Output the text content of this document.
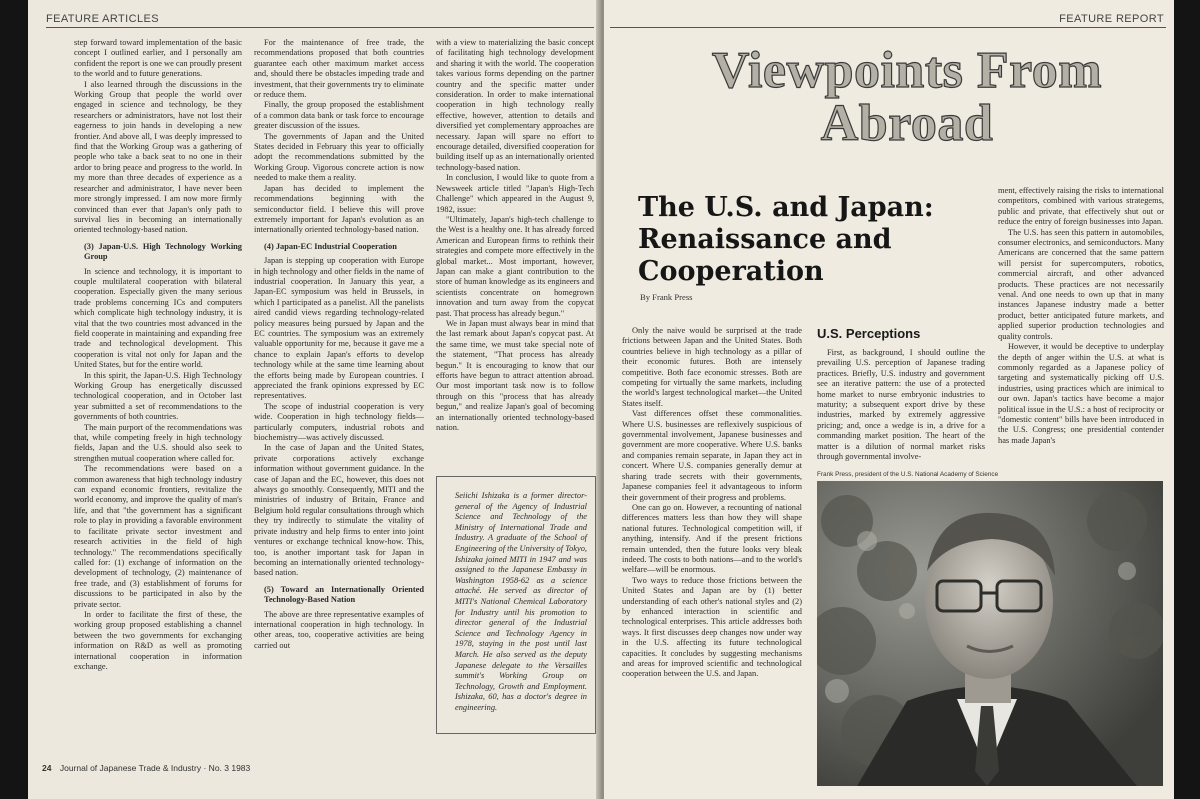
FEATURE ARTICLES

step forward toward implementation of the basic concept I outlined earlier, and I personally am confident the report is one we can proudly present to the world and to future generations.

I also learned through the discussions in the Working Group that people the world over engaged in science and technology, be they researchers or administrators, have not lost their eagerness to join hands in developing a new frontier. And above all, I was deeply impressed to find that the Working Group was a gathering of people who take a back seat to no one in their ardor to bring peace and progress to the world. In my more than three decades of experience as a researcher and administrator, I have never been more strongly impressed. I am now more firmly convinced than ever that Japan's only path to survival lies in becoming an internationally oriented technology-based nation.

(3) Japan-U.S. High Technology Working Group

In science and technology, it is important to couple multilateral cooperation with bilateral cooperation. Especially given the many serious trade problems concerning ICs and computers which complicate high technology industry, it is vital that the two countries most advanced in the field cooperate in maintaining and expanding free trade and technological development. This cooperation is vital not only for Japan and the United States, but for the entire world.

In this spirit, the Japan-U.S. High Technology Working Group has energetically discussed technological cooperation, and in October last year submitted a set of recommendations to the governments of both countries.

The main purport of the recommendations was that, while competing freely in high technology fields, Japan and the U.S. should also seek to strengthen mutual cooperation where called for.

The recommendations were based on a common awareness that high technology industry can expand economic frontiers, revitalize the world economy, and improve the quality of man's life, and that "the government has a significant role to play in providing a favorable environment to facilitate private sector investment and research activities in the field of high technology." The recommendations specifically called for: (1) exchange of information on the development of technology, (2) maintenance of free trade, and (3) establishment of forums for discussions to be participated in also by the private sector.

In order to facilitate the first of these, the working group proposed establishing a channel between the two governments for exchanging information on R&D as well as promoting international cooperation in information exchange.

For the maintenance of free trade, the recommendations proposed that both countries guarantee each other maximum market access and, should there be obstacles impeding trade and investment, that their governments try to eliminate or reduce them.

Finally, the group proposed the establishment of a common data bank or task force to encourage greater discussion of the issues.

The governments of Japan and the United States decided in February this year to officially adopt the recommendations submitted by the Working Group. Vigorous concrete action is now needed to make them a reality.

Japan has decided to implement the recommendations beginning with the semiconductor field. I believe this will prove extremely important for Japan's evolution as an internationally oriented technology-based nation.

(4) Japan-EC Industrial Cooperation

Japan is stepping up cooperation with Europe in high technology and other fields in the name of industrial cooperation. In January this year, a Japan-EC symposium was held in Brussels, in which I participated as a panelist. All the panelists aired candid views regarding technology-related policy measures being pursued by Japan and the EC countries. The symposium was an extremely valuable opportunity for me, because it gave me a chance to explain Japan's efforts to develop technology while at the same time learning about the efforts being made by European countries. I appreciated the frank opinions expressed by EC representatives.

The scope of industrial cooperation is very wide. Cooperation in high technology fields—particularly computers, industrial robots and biochemistry—was actively discussed.

In the case of Japan and the United States, private corporations actively exchange information without government guidance. In the case of Japan and the EC, however, this does not always go smoothly. Consequently, MITI and the ministries of industry of Britain, France and Belgium hold regular consultations through which they try indirectly to stimulate the vitality of private industry and help firms to enter into joint ventures or exchange technical know-how. This, too, is another important task for Japan in becoming an internationally oriented technology-based nation.

(5) Toward an Internationally Oriented Technology-Based Nation

The above are three representative examples of international cooperation in high technology. In other areas, too, cooperative activities are being carried out

with a view to materializing the basic concept of facilitating high technology development and sharing it with the world. The cooperation takes various forms depending on the partner country and the specific matter under consideration. In order to make international cooperation in high technology really effective, however, attention to details and diversified yet complementary approaches are necessary. Japan will spare no effort to encourage detailed, diversified cooperation for building itself up as an internationally oriented technology-based nation.

In conclusion, I would like to quote from a Newsweek article titled "Japan's High-Tech Challenge" which appeared in the August 9, 1982, issue:

"Ultimately, Japan's high-tech challenge to the West is a healthy one. It has already forced American and European firms to rethink their strategies and compete more effectively in the global market... Most important, however, Japan can make a giant contribution to the store of human knowledge as its engineers and scientists concentrate on homegrown innovation and turn away from the copycat past. That process has already begun."

We in Japan must always bear in mind that the last remark about Japan's copycat past. At the same time, we must take special note of the statement, "That process has already begun." It is encouraging to know that our efforts have begun to attract attention abroad. Our most important task now is to follow through on this "process that has already begun," and realize Japan's goal of becoming an internationally oriented technology-based nation.

Seiichi Ishizaka is a former director-general of the Agency of Industrial Science and Technology of the Ministry of International Trade and Industry. A graduate of the School of Engineering of the University of Tokyo, Ishizaka joined MITI in 1947 and was assigned to the Japanese Embassy in Washington 1958-62 as a science attaché. He served as director of MITI's National Chemical Laboratory for Industry until his promotion to director general of the Industrial Science and Technology Agency in 1978, staying in the post until last March. He also served as the deputy Japanese delegate to the Versailles summit's Working Group on Technology, Growth and Employment. Ishizaka, 60, has a doctor's degree in engineering.
24 Journal of Japanese Trade & Industry · No. 3 1983
FEATURE REPORT
Viewpoints From Abroad
The U.S. and Japan: Renaissance and Cooperation
By Frank Press

Only the naive would be surprised at the trade frictions between Japan and the United States. Both countries believe in high technology as a pillar of their economic futures. Both are intensely competitive. Both face economic stresses. Both are competing for virtually the same markets, including the world's largest technological market—the United States itself.

Vast differences offset these commonalities. Where U.S. businesses are reflexively suspicious of governmental involvement, Japanese businesses and government are more cooperative. Where U.S. banks and companies remain separate, in Japan they act in concert. Where U.S. companies generally demur at sharing trade secrets with their governments, Japanese companies feel it advantageous to inform their government of their progress and problems.

One can go on. However, a recounting of national differences matters less than how they will shape national futures. Technological competition will, if anything, intensify. And if the present frictions remain untended, then the future looks very bleak indeed. The costs to both nations—and to the world's welfare—will be enormous.

Two ways to reduce those frictions between the United States and Japan are by (1) better understanding of each other's national styles and (2) by enhanced interaction in scientific and technological enterprises. This article addresses both ways. It first discusses deep changes now under way in the U.S. affecting its future technological capacities. It concludes by suggesting mechanisms and areas for improved scientific and technological cooperation between the U.S. and Japan.

U.S. Perceptions

First, as background, I should outline the prevailing U.S. perception of Japanese trading practices. Briefly, U.S. industry and government see an iterative pattern: the use of a protected home market to nurse embryonic industries to maturity; a subsequent export drive by these industries, marked by extremely aggressive pricing; and, once a wedge is in, a drive for a commanding market position. The heart of the matter is a dilution of normal market risks through governmental involve-

ment, effectively raising the risks to international competitors, combined with various strategems, public and private, that effectively shut out or reduce the entry of foreign businesses into Japan.

The U.S. has seen this pattern in automobiles, consumer electronics, and semiconductors. Many Americans are concerned that the same pattern will persist for supercomputers, robotics, commercial aircraft, and other advanced products. These practices are not necessarily venal. And one needs to own up that in many instances Japanese industry made a better product, better anticipated future markets, and applied superior production technologies and quality controls.

However, it would be deceptive to underplay the depth of anger within the U.S. at what is commonly regarded as a Japanese policy of targeting and systematically picking off U.S. industries, using practices which are inimical to our own. Japan's tactics have become a major political issue in the U.S.: a host of reciprocity or "domestic content" bills have been introduced in the U.S. Congress; one presidential contender has made Japan's

Frank Press, president of the U.S. National Academy of Science
